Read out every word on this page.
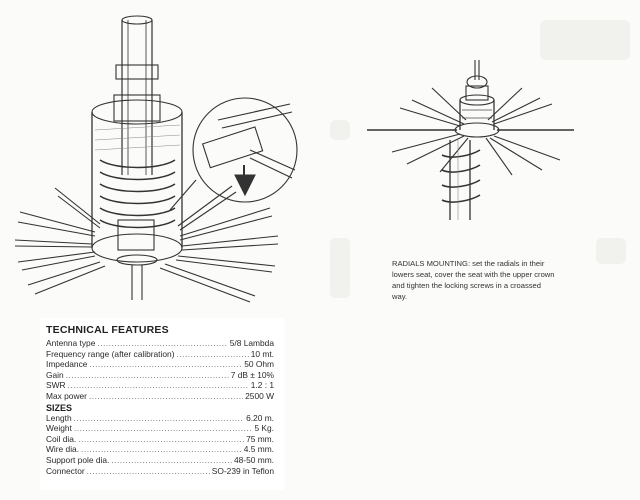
RADIALS MOUNTING: set the radials in their lowers seat, cover the seat with the upper crown and tighten the locking screws in a croassed way.
TECHNICAL FEATURES
Antenna type .....	5/8 Lambda
Frequency range (after calibration) .....	10 mt.
Impedance .....	50 Ohm
Gain .....	7 dB ± 10%
SWR .....	1.2 : 1
Max power .....	2500 W
SIZES
Length .....	6.20 m.
Weight .....	5 Kg.
Coil dia. .....	75 mm.
Wire dia. .....	4.5 mm.
Support pole dia. .....	48-50 mm.
Connector .....	SO-239 in Teflon
